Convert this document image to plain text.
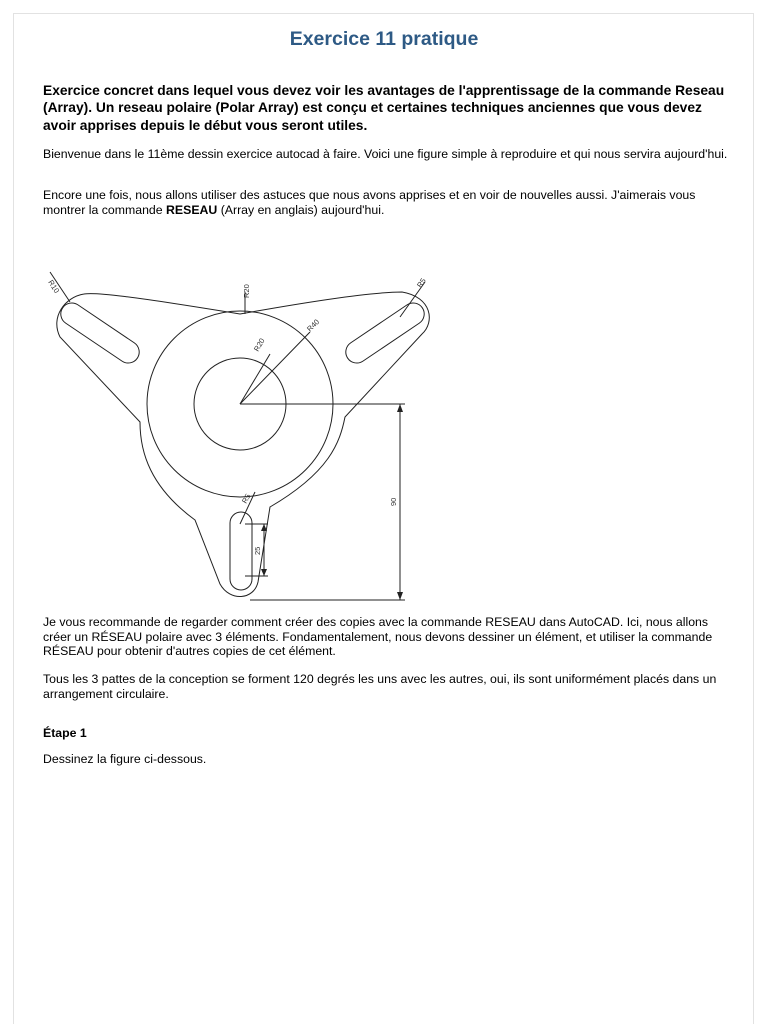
Exercice 11 pratique

Exercice concret dans lequel vous devez voir les avantages de l'apprentissage de la commande Reseau (Array). Un reseau polaire (Polar Array) est conçu et certaines techniques anciennes que vous devez avoir apprises depuis le début vous seront utiles.

Bienvenue dans le 11ème dessin exercice autocad à faire. Voici une figure simple à reproduire et qui nous servira aujourd'hui.

Encore une fois, nous allons utiliser des astuces que nous avons apprises et en voir de nouvelles aussi. J'aimerais vous montrer la commande RESEAU (Array en anglais) aujourd'hui.

R10	R20
R5
R40
R20
R5
25
90

Je vous recommande de regarder comment créer des copies avec la commande RESEAU dans AutoCAD. Ici, nous allons créer un RÉSEAU polaire avec 3 éléments. Fondamentalement, nous devons dessiner un élément, et utiliser la commande RÉSEAU pour obtenir d'autres copies de cet élément.

Tous les 3 pattes de la conception se forment 120 degrés les uns avec les autres, oui, ils sont uniformément placés dans un arrangement circulaire.

Étape 1

Dessinez la figure ci-dessous.
